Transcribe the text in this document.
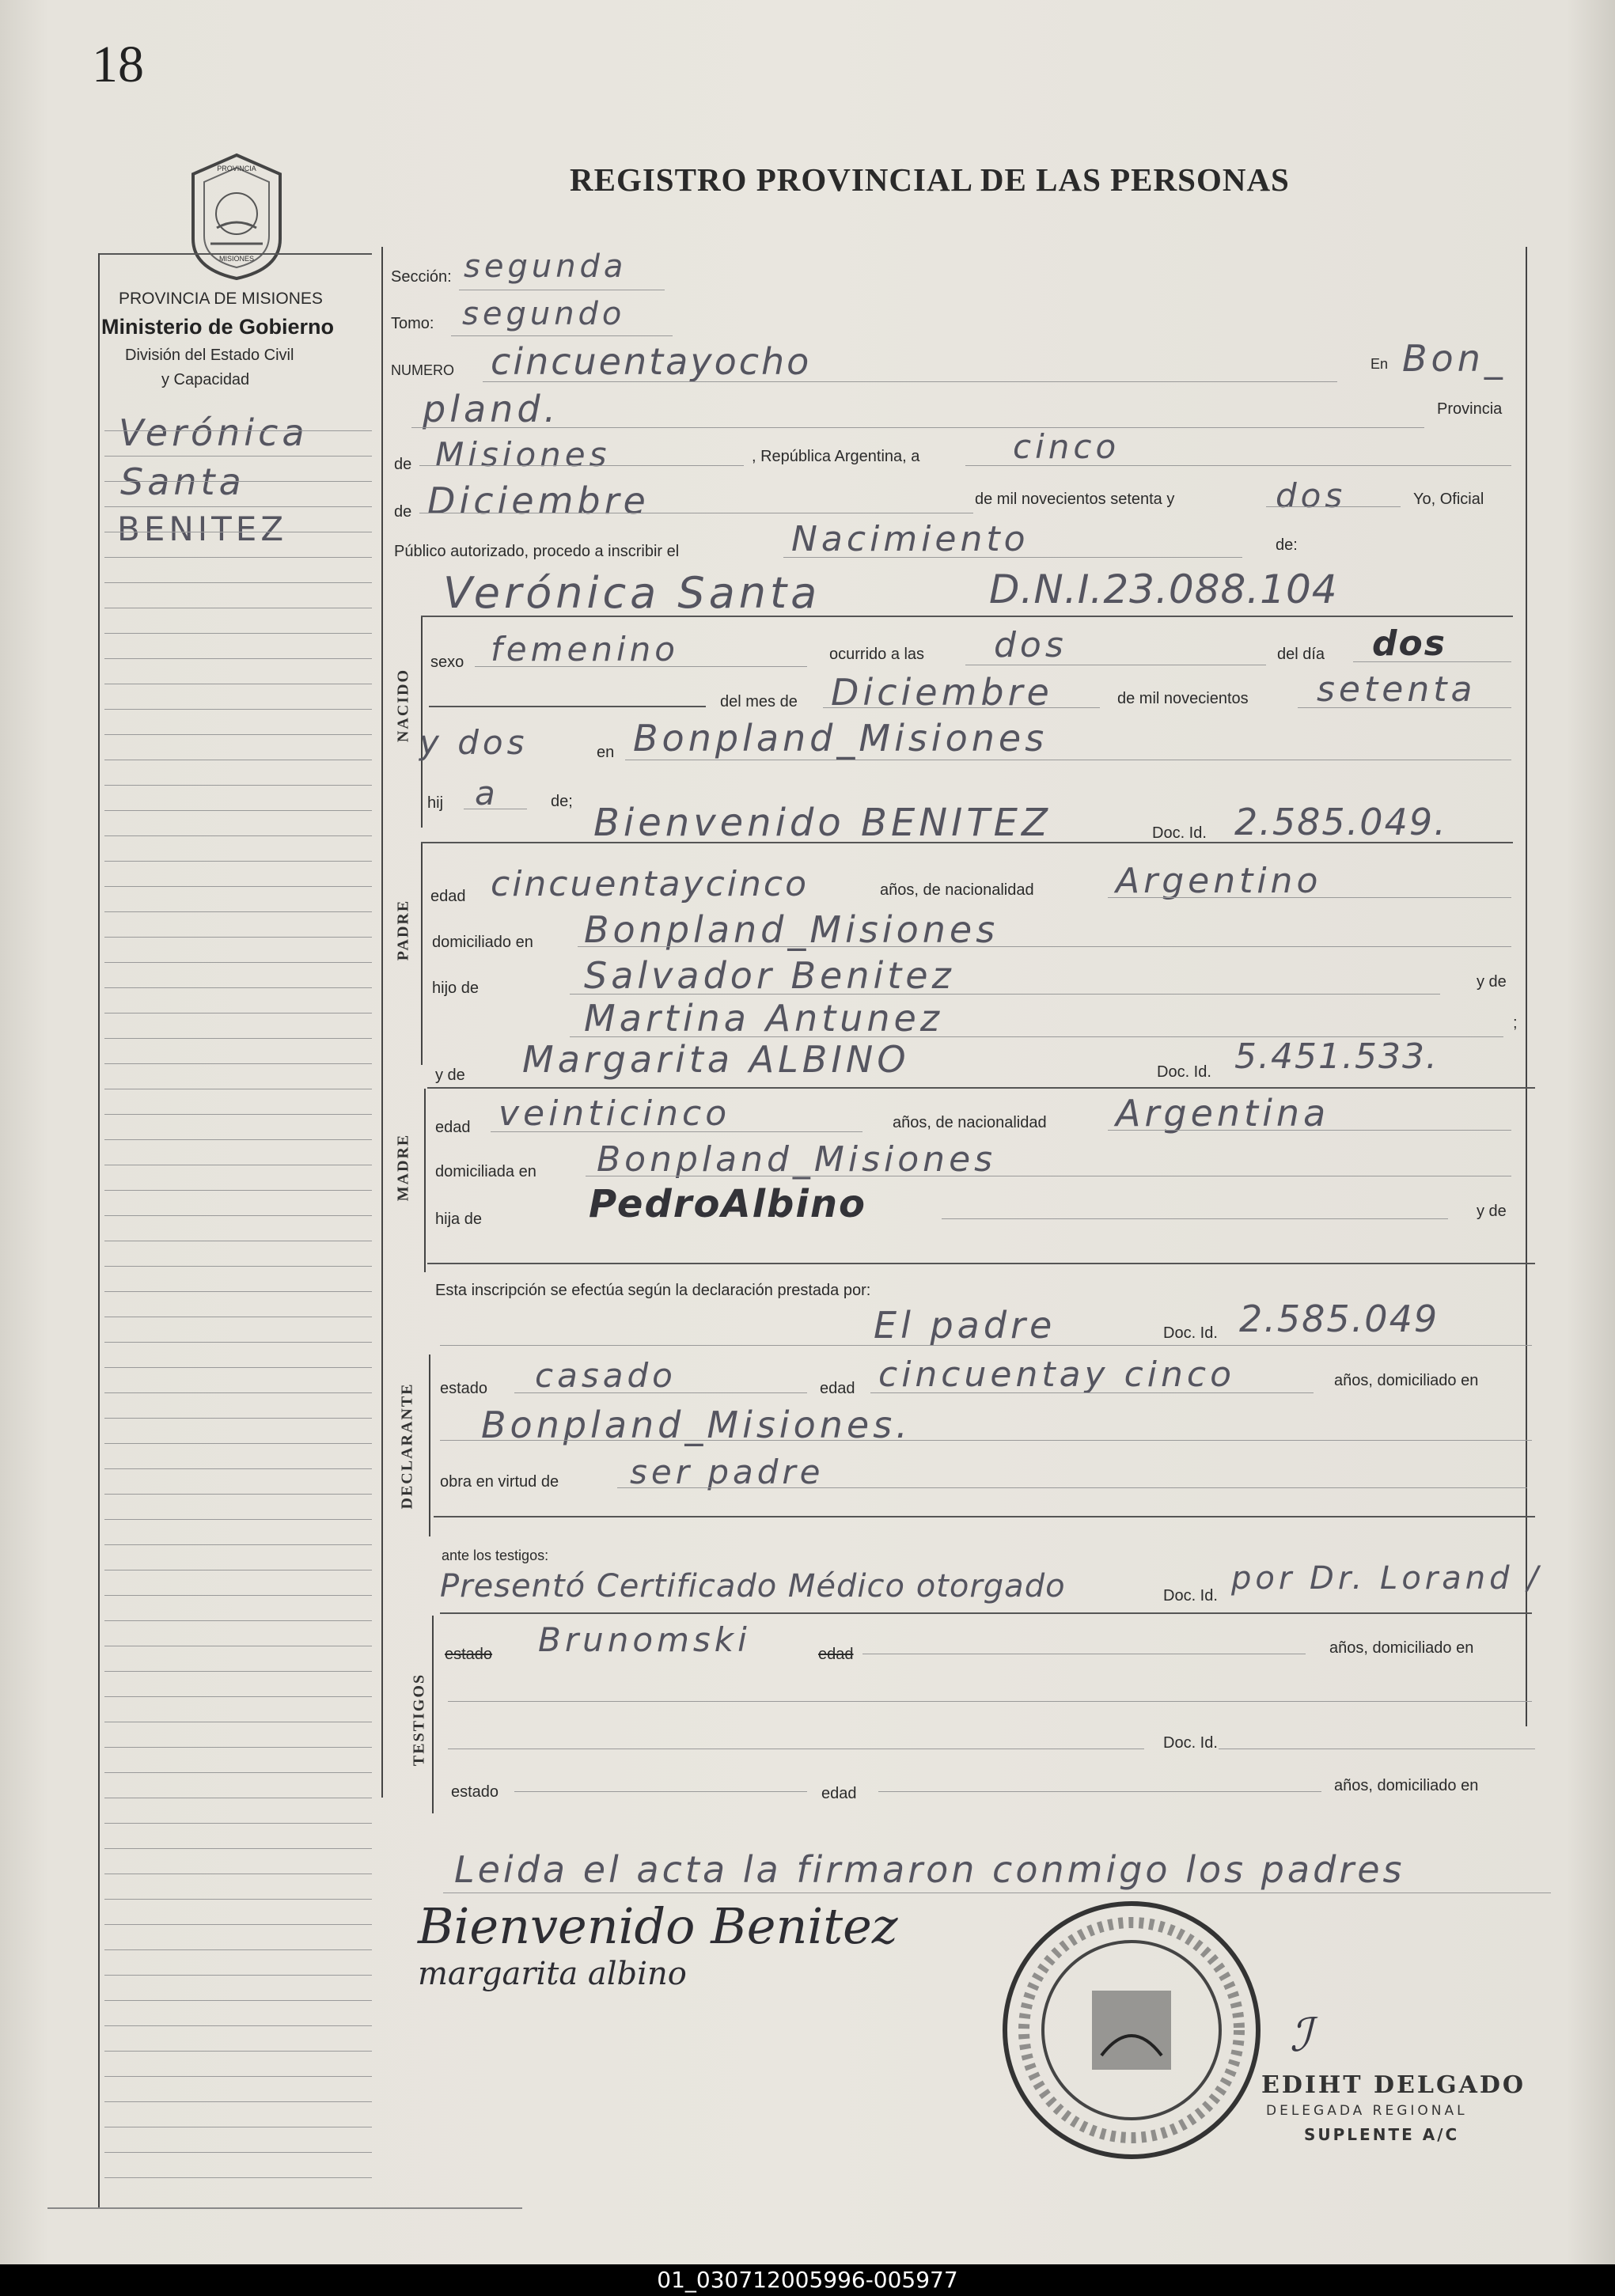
18
PROVINCIA
MISIONES
REGISTRO PROVINCIAL DE LAS PERSONAS
PROVINCIA DE MISIONES
Ministerio de Gobierno
División del Estado Civil
y Capacidad
Verónica
Santa
BENITEZ
Sección: segunda
Tomo: segundo
NUMERO cincuentayocho	En Bon_
pland.	Provincia
de Misiones	, República Argentina, a	cinco
de Diciembre	de mil novecientos setenta y	dos	Yo, Oficial
Público autorizado, procedo a inscribir el	Nacimiento	de:
Verónica Santa	D.N.I.23.088.104
NACIDO
sexo femenino	ocurrido a las dos	del día dos
del mes de Diciembre	de mil novecientos setenta
y dos	en Bonpland_Misiones
hij a	de; Bienvenido BENITEZ	Doc. Id. 2.585.049.
PADRE
edad cincuentaycinco	años, de nacionalidad Argentino
domiciliado en Bonpland_Misiones
hijo de	Salvador Benitez	y de
Martina Antunez	;
y de Margarita ALBINO	Doc. Id. 5.451.533.
MADRE
edad veinticinco	años, de nacionalidad Argentina
domiciliada en Bonpland_Misiones
hija de	PedroAlbino	y de
Esta inscripción se efectúa según la declaración prestada por:
El padre	Doc. Id. 2.585.049
DECLARANTE estado casado	edad cincuentay cinco	años, domiciliado en
Bonpland_Misiones.
obra en virtud de ser padre
ante los testigos:
Presentó Certificado Médico otorgado	Doc. Id. por Dr. Lorand /
TESTIGOS
estado Brunomski	edad	años, domiciliado en
Doc. Id.
estado	edad	años, domiciliado en
Leida el acta la firmaron conmigo los padres
Bienvenido Benitez
margarita albino
ℐ
EDIHT DELGADO
DELEGADA REGIONAL
SUPLENTE A/C
01_030712005996-005977
